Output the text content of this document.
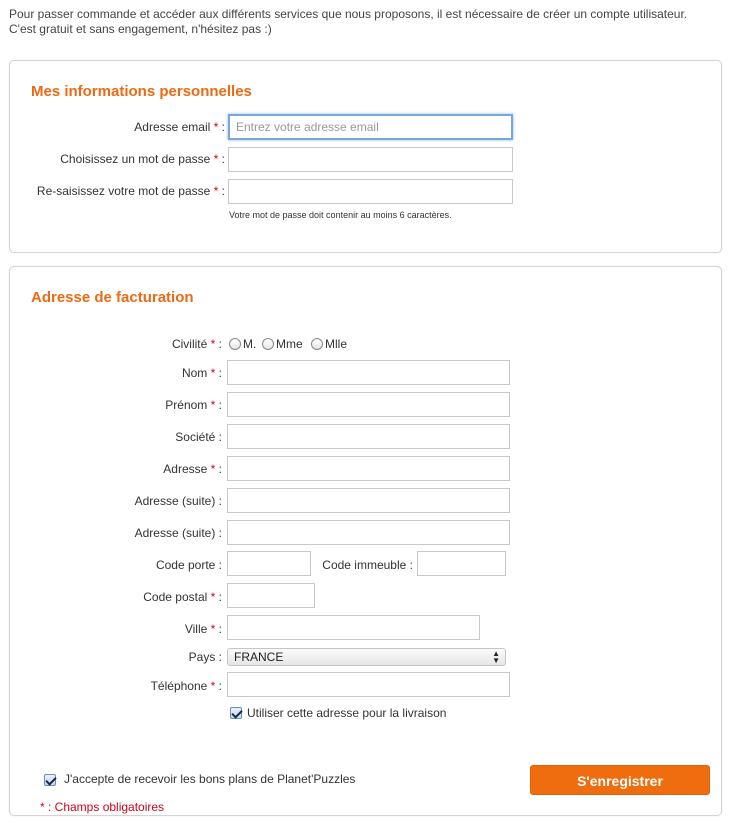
Pour passer commande et accéder aux différents services que nous proposons, il est nécessaire de créer un compte utilisateur.
C'est gratuit et sans engagement, n'hésitez pas :)
Mes informations personnelles
Adresse email * :
Entrez votre adresse email
Choisissez un mot de passe * :
Re-saisissez votre mot de passe * :
Votre mot de passe doit contenir au moins 6 caractères.
Adresse de facturation
Civilité * : M. Mme Mlle
Nom * :
Prénom * :
Société :
Adresse * :
Adresse (suite) :
Adresse (suite) :
Code porte :	Code immeuble :
Code postal * :
Ville * :
Pays :	FRANCE	▲
▼
Téléphone * :
Utiliser cette adresse pour la livraison
J'accepte de recevoir les bons plans de Planet'Puzzles	S'enregistrer
* : Champs obligatoires
